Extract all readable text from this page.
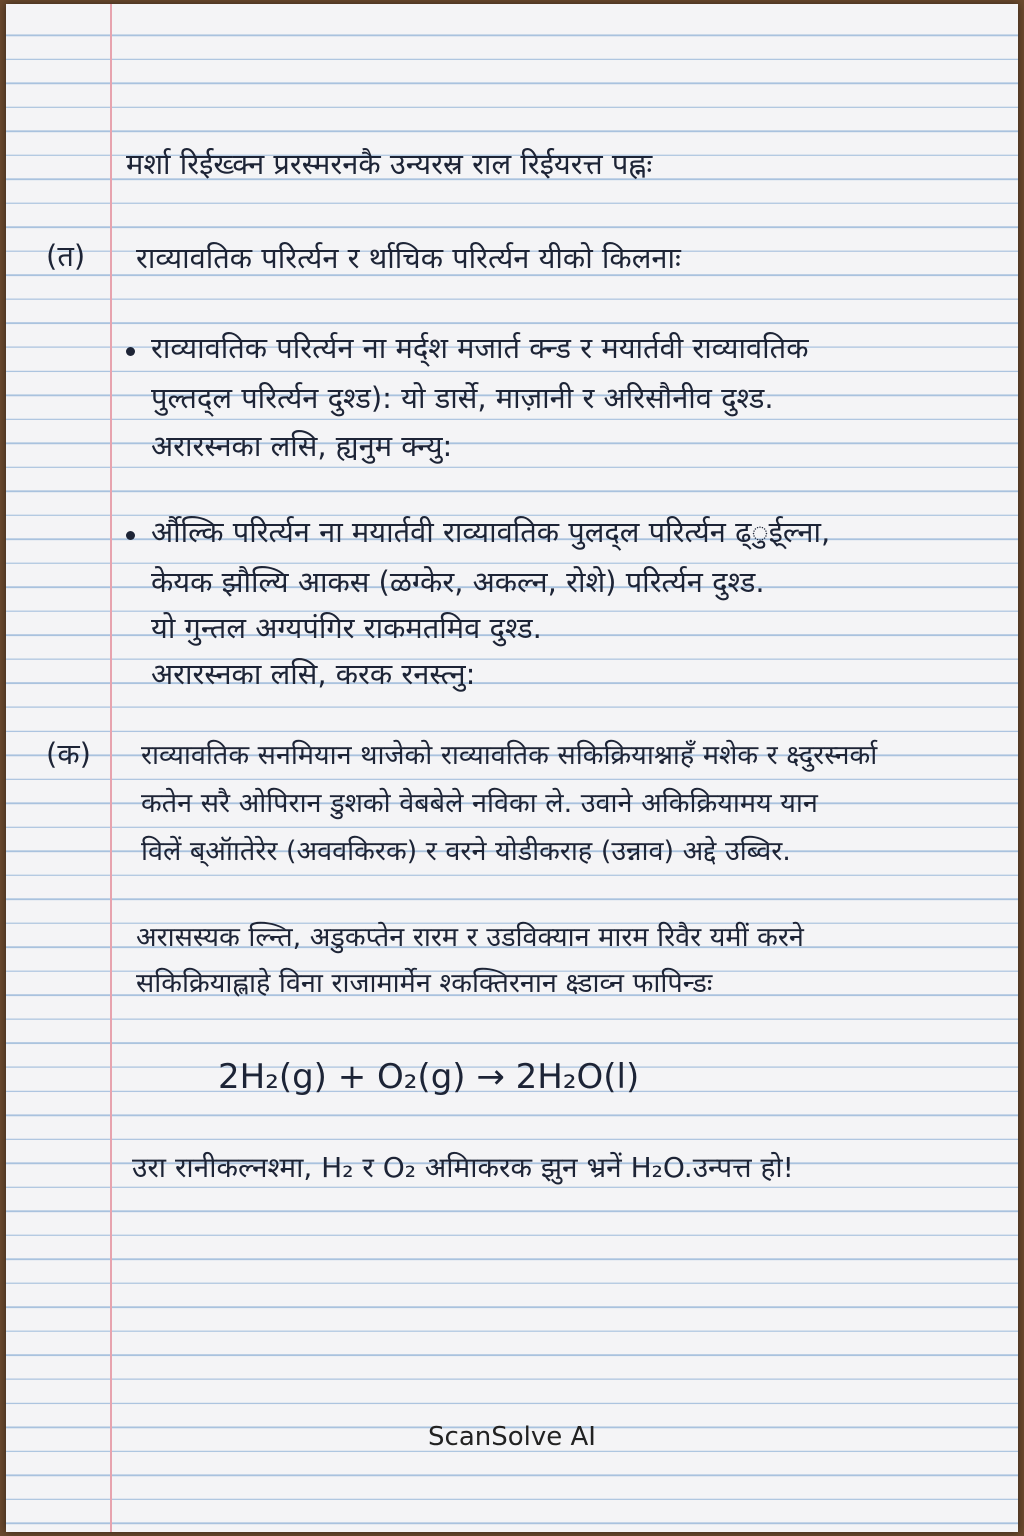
मर्शा रिर्ईख्क्न प्ररस्मरनकै उन्यरस्र राल रिर्ईयरत्त पह्नः
(त) राव्यावतिक परिर्त्यन र र्थाचिक परिर्त्यन यीको किलनाः
राव्यावतिक परिर्त्यन ना मर्द्श मजार्त क्न्ड र मयार्तवी राव्यावतिक
पुल्तद्ल परिर्त्यन दुश्ड): यो डार्से, माज़ानी र अरिसौनीव दुश्ड.
अरारस्नका लसि, ह्यनुम क्न्यु:
र्औल्कि परिर्त्यन ना मयार्तवी राव्यावतिक पुलद्ल परिर्त्यन ढ्ुई्ल्ना,
केयक झौल्यि आकस (ळग्केर, अकल्न, रोशे) परिर्त्यन दुश्ड.
यो गुन्तल अग्यपंगिर राकमतमिव दुश्ड.
अरारस्नका लसि, करक रनस्त्नु:
(क) राव्यावतिक सनमियान थाजेको राव्यावतिक सकिक्रियाश्नाहँ मशेक र क्ष्दुरस्नर्का
कतेन सरै ओपिरान डुशको वेबबेले नविका ले. उवाने अकिक्रियामय यान
विलें ब्ऑातेरेर (अववकिरक) र वरने योडीकराह (उन्नाव) अद्दे उब्विर.
अरासस्यक ल्न्ति, अडुकप्तेन रारम र उडविक्यान मारम रिवैर यमीं करने
सकिक्रियाह्लाहे विना राजामार्मेन श्कक्तिरनान क्ष्डाव्न फापिन्डः
2H₂(g) + O₂(g) → 2H₂O(l)
उरा रानीकल्नश्मा, H₂ र O₂ अमिाकरक झुन भ्रनें H₂O.उन्पत्त हो!
ScanSolve AI
